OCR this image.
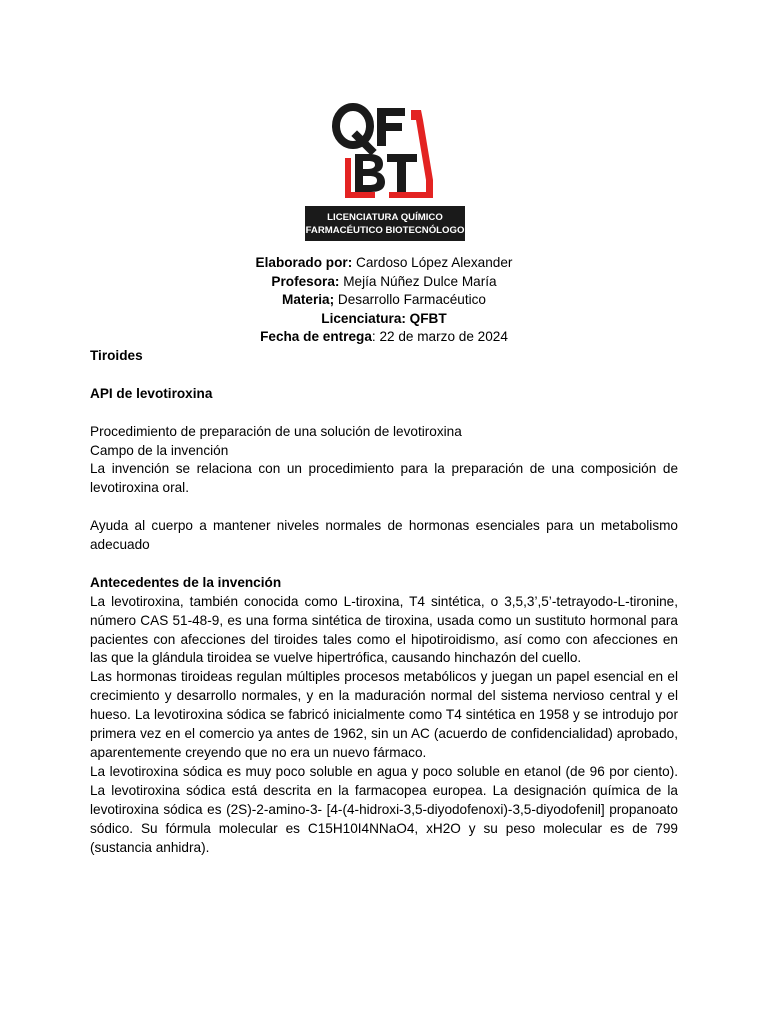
LICENCIATURA QUÍMICO
FARMACÉUTICO BIOTECNÓLOGO
Elaborado por: Cardoso López Alexander
Profesora: Mejía Núñez Dulce María
Materia; Desarrollo Farmacéutico
Licenciatura: QFBT
Fecha de entrega: 22 de marzo de 2024

Tiroides

API de levotiroxina

Procedimiento de preparación de una solución de levotiroxina

Campo de la invención

La invención se relaciona con un procedimiento para la preparación de una composición de levotiroxina oral.

Ayuda al cuerpo a mantener niveles normales de hormonas esenciales para un metabolismo adecuado

Antecedentes de la invención

La levotiroxina, también conocida como L-tiroxina, T4 sintética, o 3,5,3’,5’-tetrayodo-L-tironine, número CAS 51-48-9, es una forma sintética de tiroxina, usada como un sustituto hormonal para pacientes con afecciones del tiroides tales como el hipotiroidismo, así como con afecciones en las que la glándula tiroidea se vuelve hipertrófica, causando hinchazón del cuello.

Las hormonas tiroideas regulan múltiples procesos metabólicos y juegan un papel esencial en el crecimiento y desarrollo normales, y en la maduración normal del sistema nervioso central y el hueso. La levotiroxina sódica se fabricó inicialmente como T4 sintética en 1958 y se introdujo por primera vez en el comercio ya antes de 1962, sin un AC (acuerdo de confidencialidad) aprobado, aparentemente creyendo que no era un nuevo fármaco.

La levotiroxina sódica es muy poco soluble en agua y poco soluble en etanol (de 96 por ciento). La levotiroxina sódica está descrita en la farmacopea europea. La designación química de la levotiroxina sódica es (2S)-2-amino-3- [4-(4-hidroxi-3,5-diyodofenoxi)-3,5-diyodofenil] propanoato sódico. Su fórmula molecular es C15H10I4NNaO4, xH2O y su peso molecular es de 799 (sustancia anhidra).
